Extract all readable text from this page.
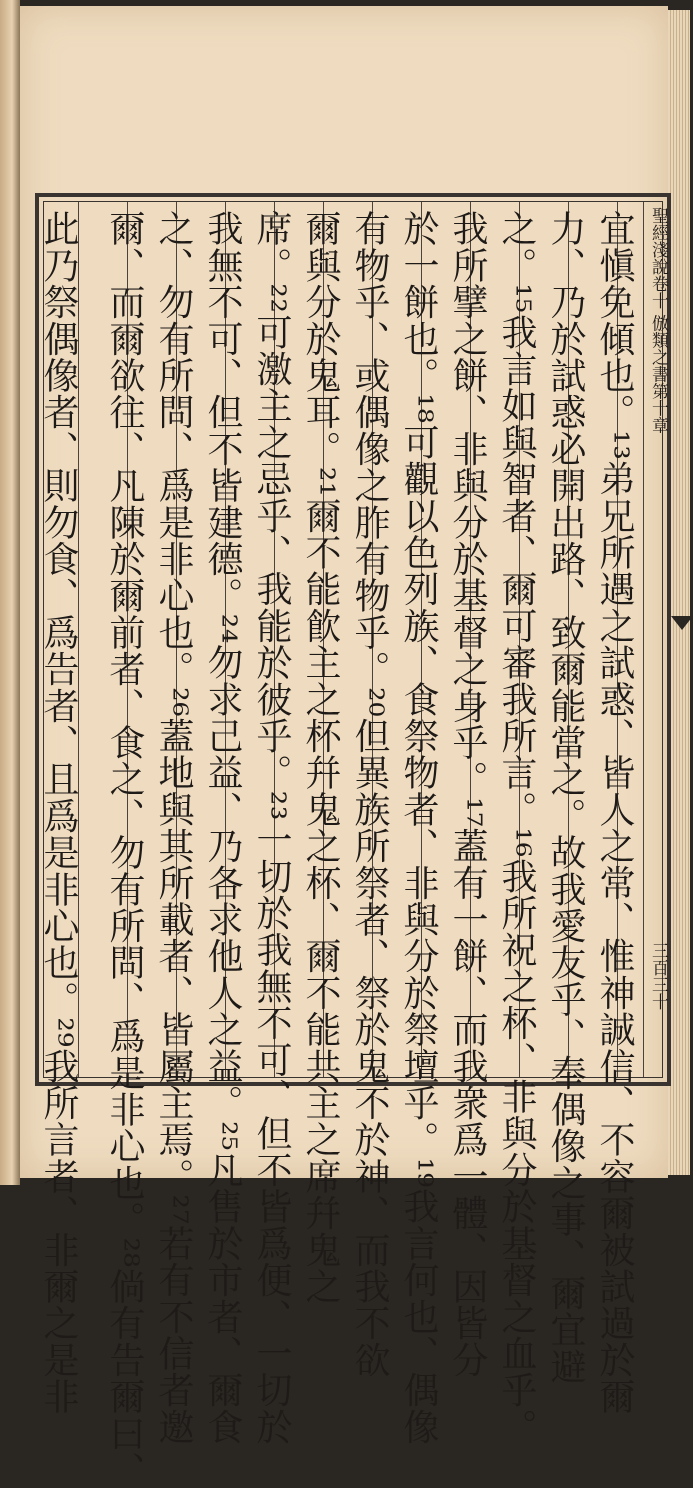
聖經淺說卷十 倣類之書第十章
三百三十
宜愼免傾也。¹³弟兄所遇之試惑、皆人之常、惟神誠信、不容爾被試過於爾
力、乃於試惑必開出路、致爾能當之。故我愛友乎、奉偶像之事、爾宜避
之。¹⁵我言如與智者、爾可審我所言。¹⁶我所祝之杯、非與分於基督之血乎。
我所擘之餅、非與分於基督之身乎。¹⁷蓋有一餅、而我衆爲一體、因皆分
於一餅也。¹⁸可觀以色列族、食祭物者、非與分於祭壇乎。¹⁹我言何也、偶像
有物乎、或偶像之胙有物乎。²⁰但異族所祭者、祭於鬼不於神、而我不欲
爾與分於鬼耳。²¹爾不能飮主之杯幷鬼之杯、爾不能共主之席幷鬼之
席。²²可激主之忌乎、我能於彼乎。²³一切於我無不可、但不皆爲便、一切於
我無不可、但不皆建德。²⁴勿求己益、乃各求他人之益。²⁵凡售於市者、爾食
之、勿有所問、爲是非心也。²⁶蓋地與其所載者、皆屬主焉。²⁷若有不信者邀
爾、而爾欲往、凡陳於爾前者、食之、勿有所問、爲是非心也。²⁸倘有告爾曰、
此乃祭偶像者、則勿食、爲告者、且爲是非心也。²⁹我所言者、非爾之是非
